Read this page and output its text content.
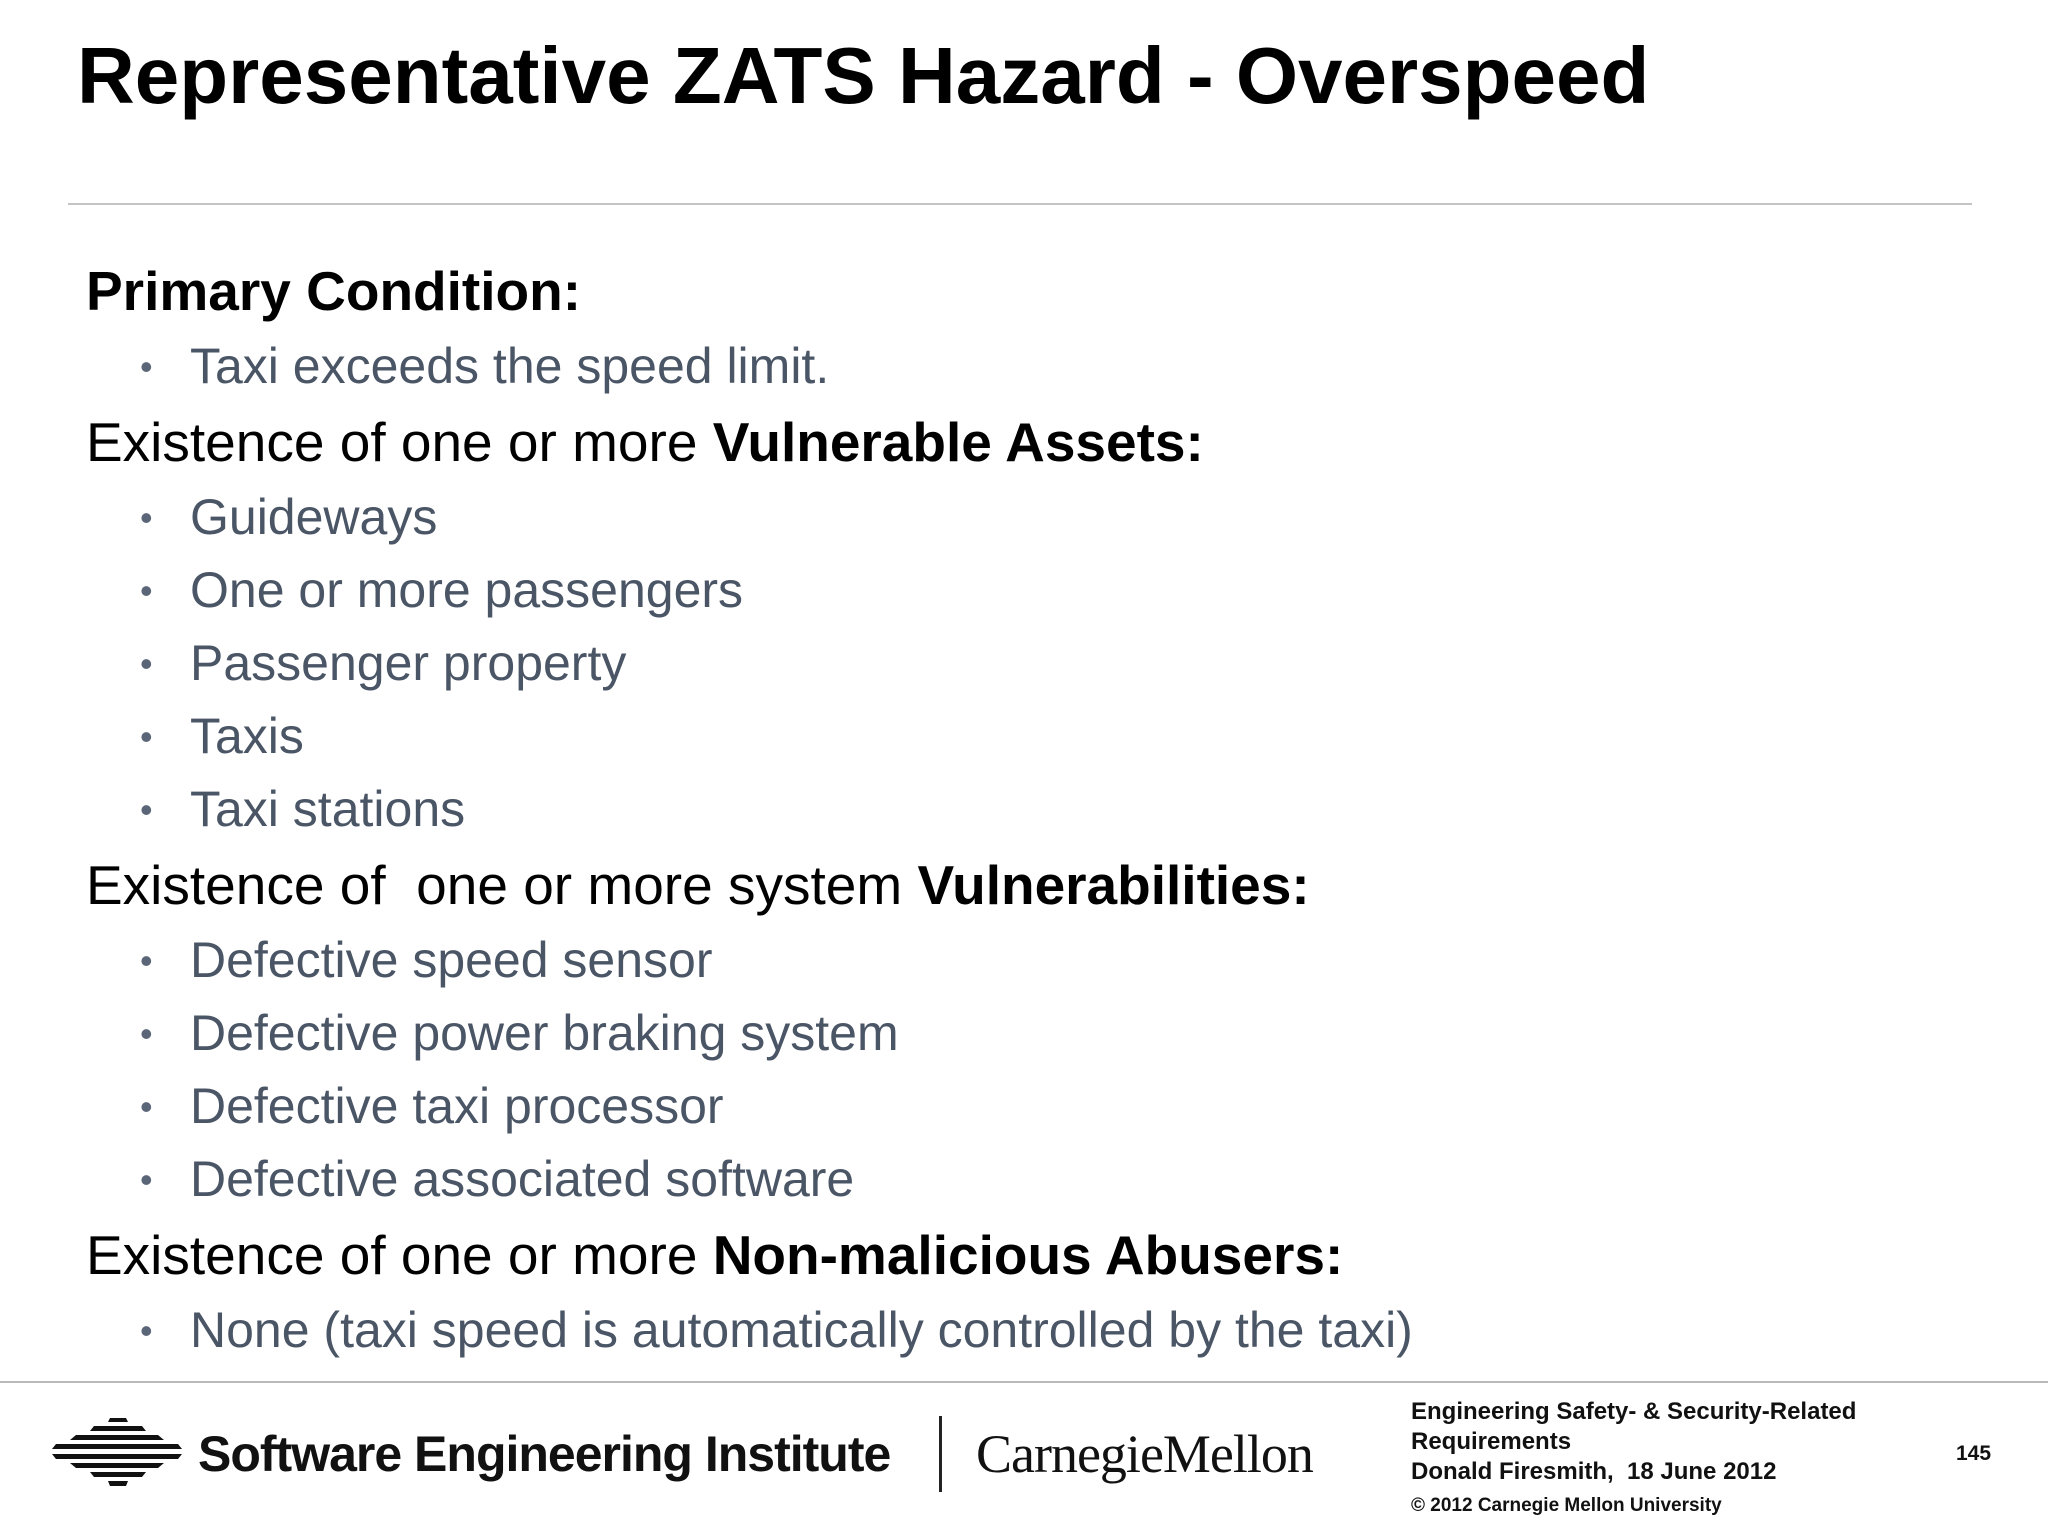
Representative ZATS Hazard - Overspeed
Primary Condition:
• Taxi exceeds the speed limit.
Existence of one or more Vulnerable Assets:
• Guideways
• One or more passengers
• Passenger property
• Taxis
• Taxi stations
Existence of  one or more system Vulnerabilities:
• Defective speed sensor
• Defective power braking system
• Defective taxi processor
• Defective associated software
Existence of one or more Non-malicious Abusers:
• None (taxi speed is automatically controlled by the taxi)
Software Engineering Institute CarnegieMellon
Engineering Safety- & Security-Related
Requirements
Donald Firesmith,  18 June 2012
© 2012 Carnegie Mellon University
145
